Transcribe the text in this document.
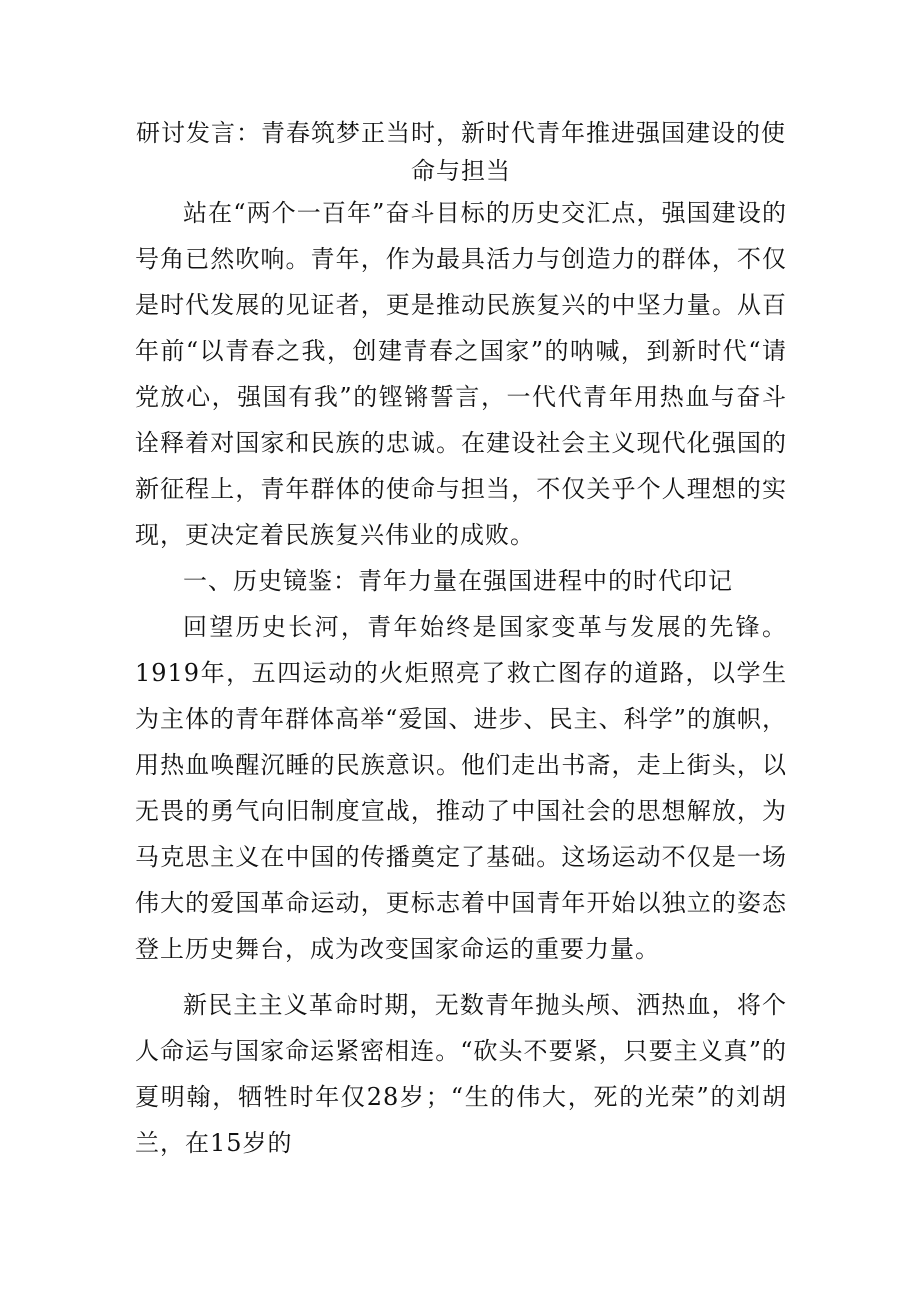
研讨发言：青春筑梦正当时，新时代青年推进强国建设的使命与担当

站在“两个一百年”奋斗目标的历史交汇点，强国建设的号角已然吹响。青年，作为最具活力与创造力的群体，不仅是时代发展的见证者，更是推动民族复兴的中坚力量。从百年前“以青春之我，创建青春之国家”的呐喊，到新时代“请党放心，强国有我”的铿锵誓言，一代代青年用热血与奋斗诠释着对国家和民族的忠诚。在建设社会主义现代化强国的新征程上，青年群体的使命与担当，不仅关乎个人理想的实现，更决定着民族复兴伟业的成败。

一、历史镜鉴：青年力量在强国进程中的时代印记

回望历史长河，青年始终是国家变革与发展的先锋。1919年，五四运动的火炬照亮了救亡图存的道路，以学生为主体的青年群体高举“爱国、进步、民主、科学”的旗帜，用热血唤醒沉睡的民族意识。他们走出书斋，走上街头，以无畏的勇气向旧制度宣战，推动了中国社会的思想解放，为马克思主义在中国的传播奠定了基础。这场运动不仅是一场伟大的爱国革命运动，更标志着中国青年开始以独立的姿态登上历史舞台，成为改变国家命运的重要力量。

新民主主义革命时期，无数青年抛头颅、洒热血，将个人命运与国家命运紧密相连。“砍头不要紧，只要主义真”的夏明翰，牺牲时年仅28岁；“生的伟大，死的光荣”的刘胡兰，在15岁的
